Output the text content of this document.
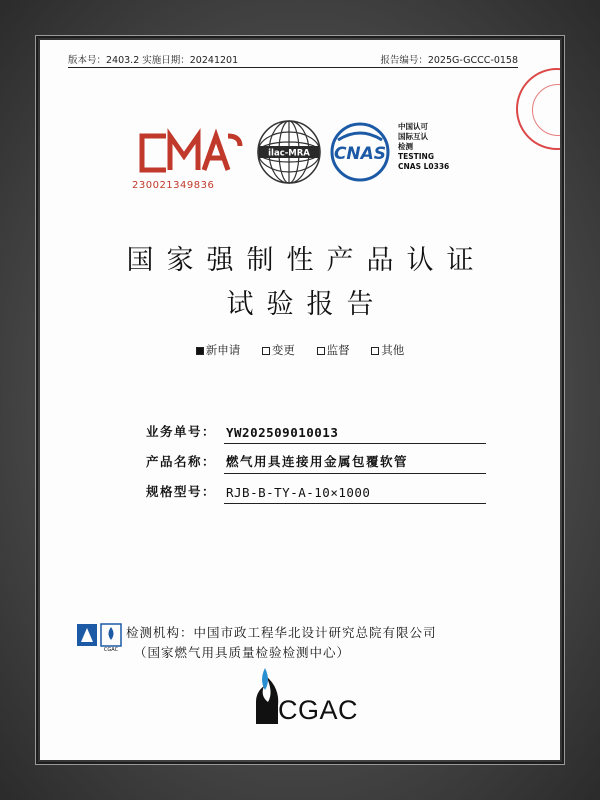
版本号：2403.2 实施日期：20241201	报告编号：2025G-GCCC-0158
230021349836
ilac-MRA CNAS
中国认可
国际互认
检测
TESTING
CNAS L0336
国家强制性产品认证
试验报告
新申请	变更	监督	其他
业务单号： YW202509010013
产品名称： 燃气用具连接用金属包覆软管
规格型号： RJB-B-TY-A-10×1000
CGAC
检测机构：中国市政工程华北设计研究总院有限公司
（国家燃气用具质量检验检测中心）
CGAC
